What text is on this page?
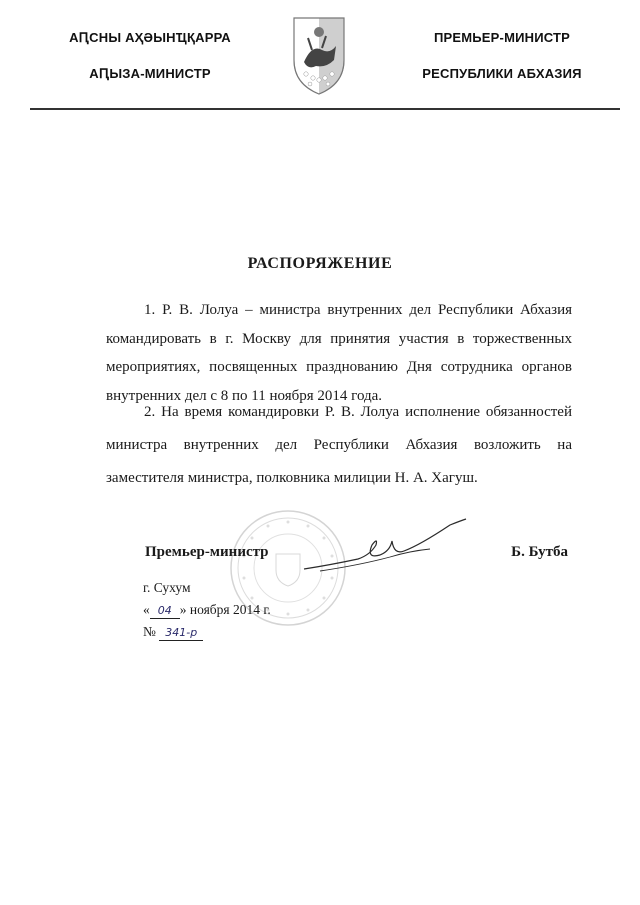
АԤСНЫ АҲӘЫНҴҚАРРА
АԤЫЗА-МИНИСТР
ПРЕМЬЕР-МИНИСТР
РЕСПУБЛИКИ АБХАЗИЯ
РАСПОРЯЖЕНИЕ
1. Р. В. Лолуа – министра внутренних дел Республики Абхазия командировать в г. Москву для принятия участия в торжественных мероприятиях, посвященных празднованию Дня сотрудника органов внутренних дел с 8 по 11 ноября 2014 года.
2. На время командировки Р. В. Лолуа исполнение обязанностей министра внутренних дел Республики Абхазия возложить на заместителя министра, полковника милиции Н. А. Хагуш.
Премьер-министр	Б. Бутба
г. Сухум
« 04 » ноября 2014 г.
№ 341-р
